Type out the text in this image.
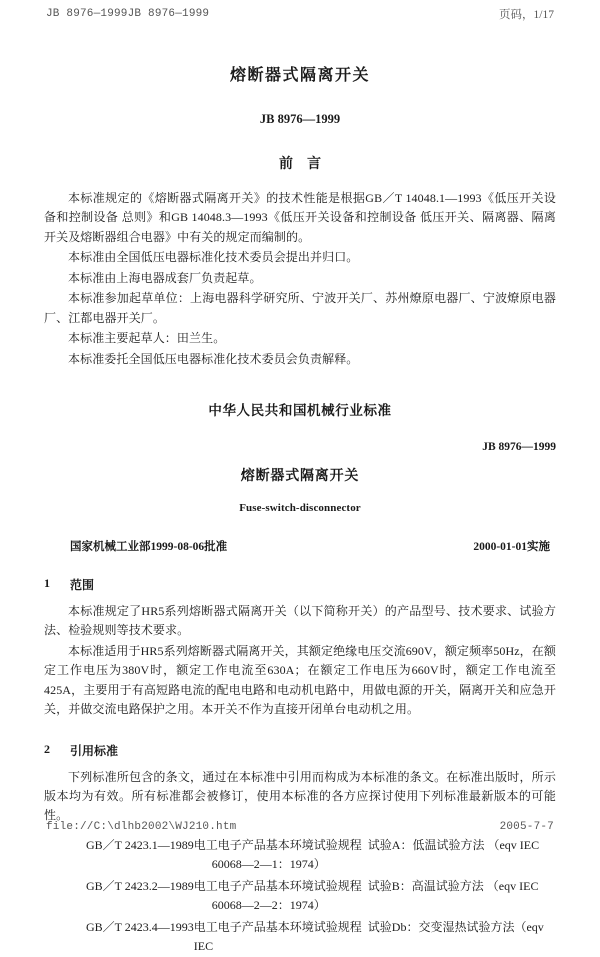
JB 8976—1999JB 8976—1999	页码，1/17
熔断器式隔离开关
JB 8976—1999
前    言

本标准规定的《熔断器式隔离开关》的技术性能是根据GB／T 14048.1—1993《低压开关设备和控制设备 总则》和GB 14048.3—1993《低压开关设备和控制设备 低压开关、隔离器、隔离开关及熔断器组合电器》中有关的规定而编制的。

本标准由全国低压电器标准化技术委员会提出并归口。

本标准由上海电器成套厂负责起草。

本标准参加起草单位：上海电器科学研究所、宁波开关厂、苏州燎原电器厂、宁波燎原电器厂、江都电器开关厂。

本标准主要起草人：田兰生。

本标准委托全国低压电器标准化技术委员会负责解释。

中华人民共和国机械行业标准
JB 8976—1999
熔断器式隔离开关
Fuse-switch-disconnector
国家机械工业部1999-08-06批准	2000-01-01实施
1	范围

本标准规定了HR5系列熔断器式隔离开关（以下简称开关）的产品型号、技术要求、试验方法、检验规则等技术要求。

本标准适用于HR5系列熔断器式隔离开关，其额定绝缘电压交流690V，额定频率50Hz，在额定工作电压为380V时，额定工作电流至630A；在额定工作电压为660V时，额定工作电流至425A，主要用于有高短路电流的配电电路和电动机电路中，用做电源的开关，隔离开关和应急开关，并做交流电路保护之用。本开关不作为直接开闭单台电动机之用。

2	引用标准

下列标准所包含的条文，通过在本标准中引用而构成为本标准的条文。在标准出版时，所示版本均为有效。所有标准都会被修订，使用本标准的各方应探讨使用下列标准最新版本的可能性。

GB／T 2423.1—1989 电工电子产品基本环境试验规程  试验A：低温试验方法 （eqv IEC
60068—2—1：1974）
GB／T 2423.2—1989 电工电子产品基本环境试验规程  试验B：高温试验方法 （eqv IEC
60068—2—2：1974）
GB／T 2423.4—1993 电工电子产品基本环境试验规程  试验Db：交变湿热试验方法（eqv IEC
file://C:\dlhb2002\WJ210.htm	2005-7-7
